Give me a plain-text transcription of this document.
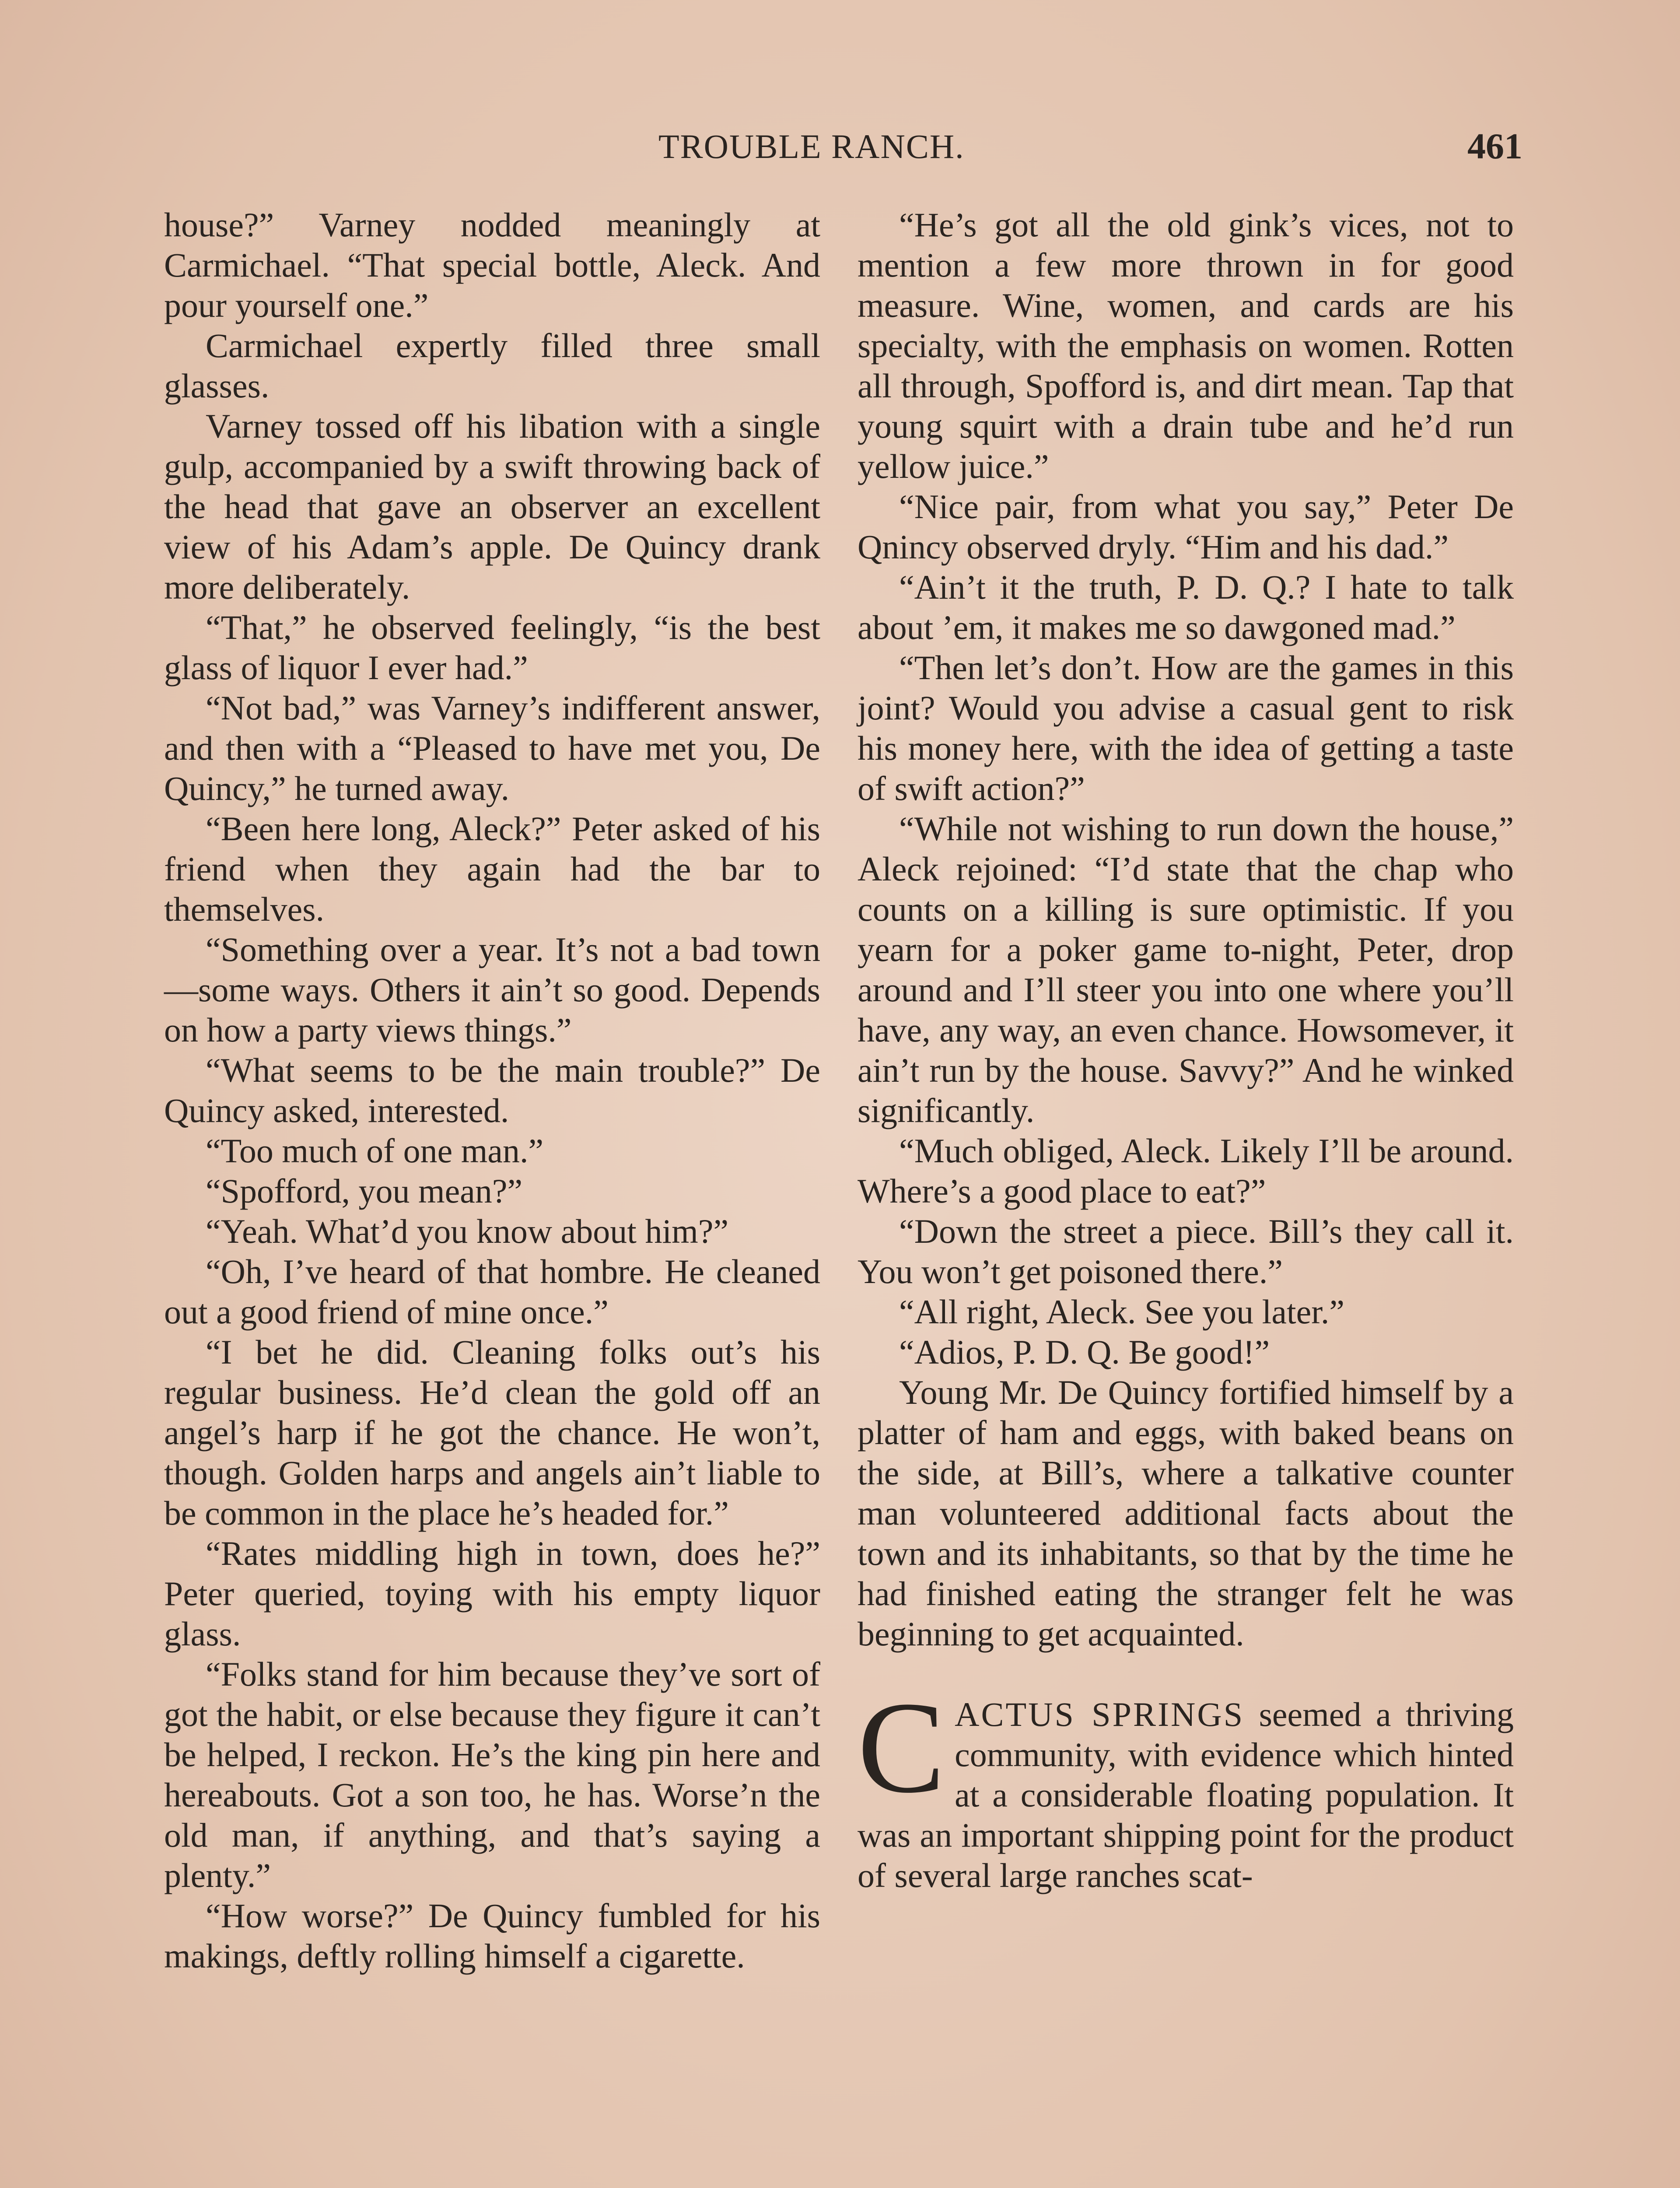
TROUBLE RANCH.	461

house?” Varney nodded meaningly at Carmichael. “That special bottle, Aleck. And pour yourself one.”

Carmichael expertly filled three small glasses.

Varney tossed off his libation with a single gulp, accompanied by a swift throwing back of the head that gave an observer an excellent view of his Adam’s apple. De Quincy drank more deliberately.

“That,” he observed feelingly, “is the best glass of liquor I ever had.”

“Not bad,” was Varney’s indifferent answer, and then with a “Pleased to have met you, De Quincy,” he turned away.

“Been here long, Aleck?” Peter asked of his friend when they again had the bar to themselves.

“Something over a year. It’s not a bad town—some ways. Others it ain’t so good. Depends on how a party views things.”

“What seems to be the main trouble?” De Quincy asked, interested.

“Too much of one man.”

“Spofford, you mean?”

“Yeah. What’d you know about him?”

“Oh, I’ve heard of that hombre. He cleaned out a good friend of mine once.”

“I bet he did. Cleaning folks out’s his regular business. He’d clean the gold off an angel’s harp if he got the chance. He won’t, though. Golden harps and angels ain’t liable to be common in the place he’s headed for.”

“Rates middling high in town, does he?” Peter queried, toying with his empty liquor glass.

“Folks stand for him because they’ve sort of got the habit, or else because they figure it can’t be helped, I reckon. He’s the king pin here and hereabouts. Got a son too, he has. Worse’n the old man, if anything, and that’s saying a plenty.”

“How worse?” De Quincy fumbled for his makings, deftly rolling himself a cigarette.

“He’s got all the old gink’s vices, not to mention a few more thrown in for good measure. Wine, women, and cards are his specialty, with the emphasis on women. Rotten all through, Spofford is, and dirt mean. Tap that young squirt with a drain tube and he’d run yellow juice.”

“Nice pair, from what you say,” Peter De Qnincy observed dryly. “Him and his dad.”

“Ain’t it the truth, P. D. Q.? I hate to talk about ’em, it makes me so dawgoned mad.”

“Then let’s don’t. How are the games in this joint? Would you advise a casual gent to risk his money here, with the idea of getting a taste of swift action?”

“While not wishing to run down the house,” Aleck rejoined: “I’d state that the chap who counts on a killing is sure optimistic. If you yearn for a poker game to-night, Peter, drop around and I’ll steer you into one where you’ll have, any way, an even chance. Howsomever, it ain’t run by the house. Savvy?” And he winked significantly.

“Much obliged, Aleck. Likely I’ll be around. Where’s a good place to eat?”

“Down the street a piece. Bill’s they call it. You won’t get poisoned there.”

“All right, Aleck. See you later.”

“Adios, P. D. Q. Be good!”

Young Mr. De Quincy fortified himself by a platter of ham and eggs, with baked beans on the side, at Bill’s, where a talkative counter man volunteered additional facts about the town and its inhabitants, so that by the time he had finished eating the stranger felt he was beginning to get acquainted.

CACTUS SPRINGS seemed a thriving community, with evidence which hinted at a considerable floating population. It was an important shipping point for the product of several large ranches scat-
